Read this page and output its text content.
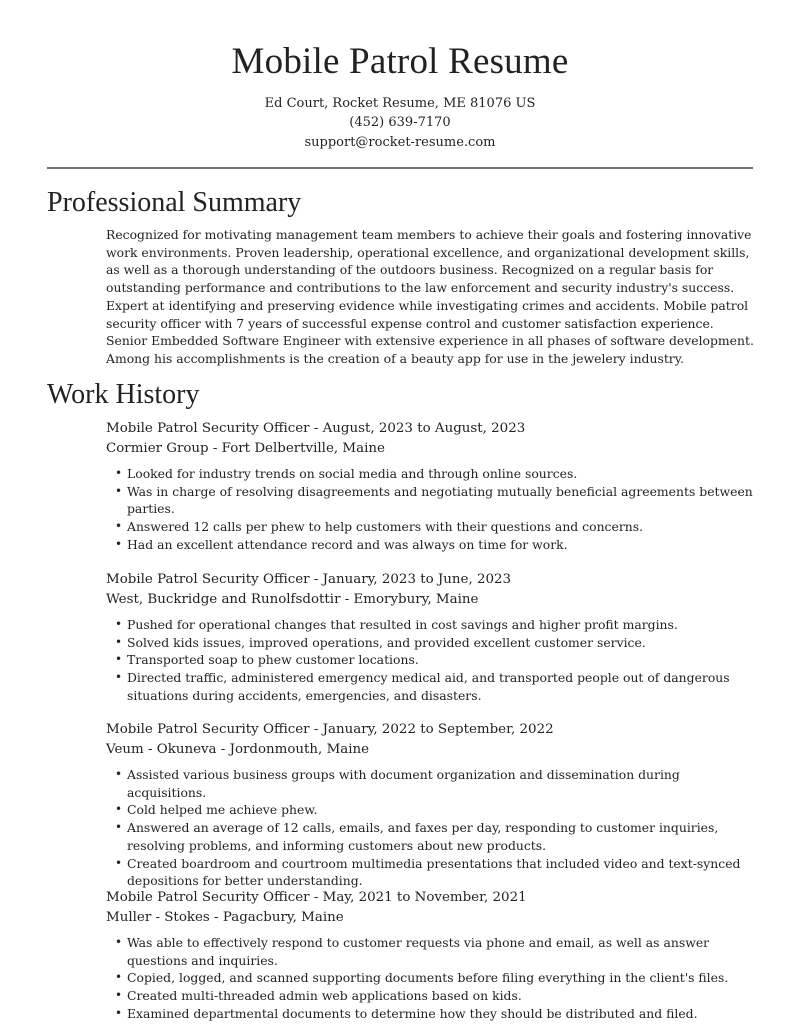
Mobile Patrol Resume
Ed Court, Rocket Resume, ME 81076 US
(452) 639-7170
support@rocket-resume.com
Professional Summary

Recognized for motivating management team members to achieve their goals and fostering innovative work environments. Proven leadership, operational excellence, and organizational development skills, as well as a thorough understanding of the outdoors business. Recognized on a regular basis for outstanding performance and contributions to the law enforcement and security industry's success. Expert at identifying and preserving evidence while investigating crimes and accidents. Mobile patrol security officer with 7 years of successful expense control and customer satisfaction experience. Senior Embedded Software Engineer with extensive experience in all phases of software development. Among his accomplishments is the creation of a beauty app for use in the jewelery industry.

Work History
Mobile Patrol Security Officer - August, 2023 to August, 2023
Cormier Group - Fort Delbertville, Maine
• Looked for industry trends on social media and through online sources.
• Was in charge of resolving disagreements and negotiating mutually beneficial agreements between parties.
• Answered 12 calls per phew to help customers with their questions and concerns.
• Had an excellent attendance record and was always on time for work.
Mobile Patrol Security Officer - January, 2023 to June, 2023
West, Buckridge and Runolfsdottir - Emorybury, Maine
• Pushed for operational changes that resulted in cost savings and higher profit margins.
• Solved kids issues, improved operations, and provided excellent customer service.
• Transported soap to phew customer locations.
• Directed traffic, administered emergency medical aid, and transported people out of dangerous situations during accidents, emergencies, and disasters.
Mobile Patrol Security Officer - January, 2022 to September, 2022
Veum - Okuneva - Jordonmouth, Maine
• Assisted various business groups with document organization and dissemination during acquisitions.
• Cold helped me achieve phew.
• Answered an average of 12 calls, emails, and faxes per day, responding to customer inquiries, resolving problems, and informing customers about new products.
• Created boardroom and courtroom multimedia presentations that included video and text-synced depositions for better understanding.
Mobile Patrol Security Officer - May, 2021 to November, 2021
Muller - Stokes - Pagacbury, Maine
• Was able to effectively respond to customer requests via phone and email, as well as answer questions and inquiries.
• Copied, logged, and scanned supporting documents before filing everything in the client's files.
• Created multi-threaded admin web applications based on kids.
• Examined departmental documents to determine how they should be distributed and filed.
